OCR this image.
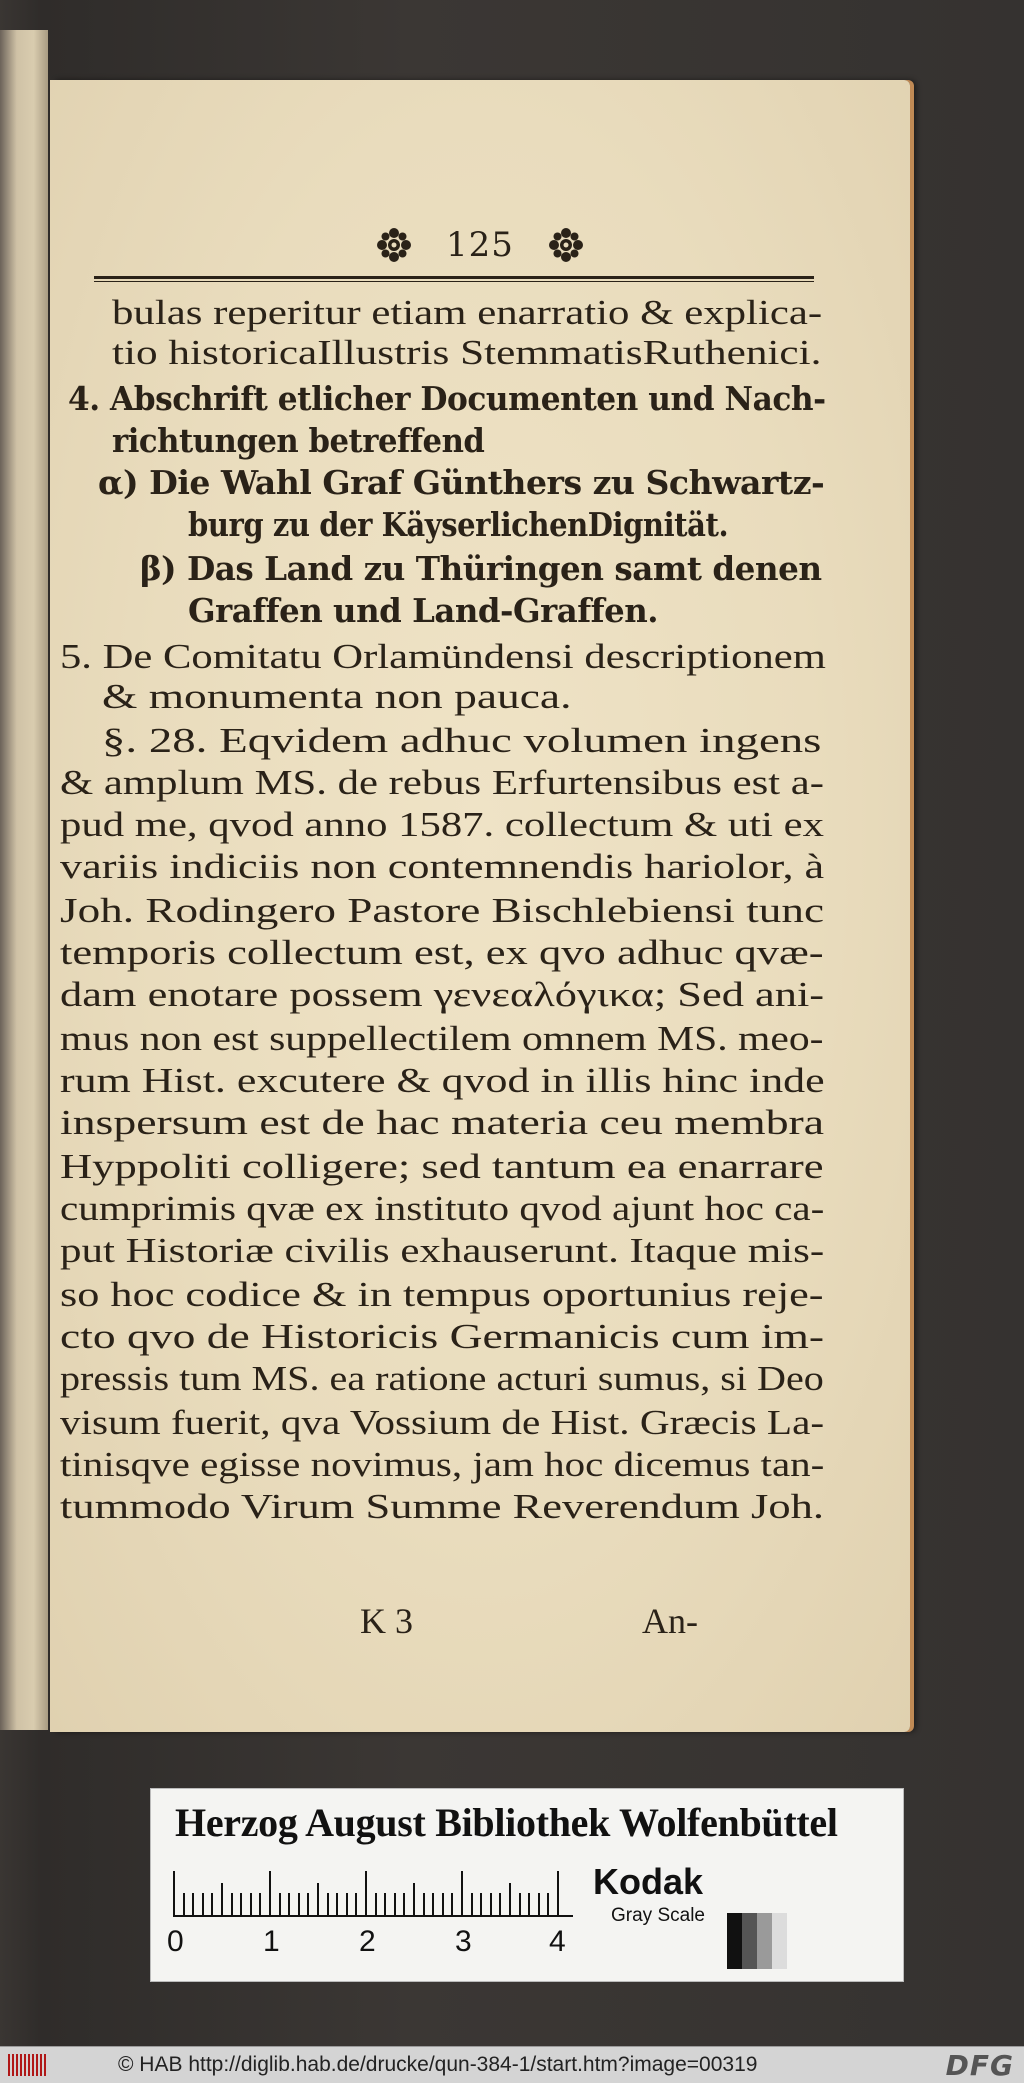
125
bulas reperitur etiam enarratio & explica-
tio historicaIllustris StemmatisRuthenici.
4. Abschrift etlicher Documenten und Nach-
richtungen betreffend
α) Die Wahl Graf Günthers zu Schwartz-
burg zu der KäyserlichenDignität.
β) Das Land zu Thüringen samt denen
Graffen und Land-Graffen.
5. De Comitatu Orlamündensi descriptionem
& monumenta non pauca.
§. 28. Eqvidem adhuc volumen ingens
& amplum MS. de rebus Erfurtensibus est a-
pud me, qvod anno 1587. collectum & uti ex
variis indiciis non contemnendis hariolor, à
Joh. Rodingero Pastore Bischlebiensi tunc
temporis collectum est, ex qvo adhuc qvæ-
dam enotare possem γενεαλόγικα; Sed ani-
mus non est suppellectilem omnem MS. meo-
rum Hist. excutere & qvod in illis hinc inde
inspersum est de hac materia ceu membra
Hyppoliti colligere; sed tantum ea enarrare
cumprimis qvæ ex instituto qvod ajunt hoc ca-
put Historiæ civilis exhauserunt. Itaque mis-
so hoc codice & in tempus oportunius reje-
cto qvo de Historicis Germanicis cum im-
pressis tum MS. ea ratione acturi sumus, si Deo
visum fuerit, qva Vossium de Hist. Græcis La-
tinisqve egisse novimus, jam hoc dicemus tan-
tummodo Virum Summe Reverendum Joh.
K 3	An-
Herzog August Bibliothek Wolfenbüttel
0	1	2	3	4
Kodak
Gray Scale
© HAB http://diglib.hab.de/drucke/qun-384-1/start.htm?image=00319	DFG
